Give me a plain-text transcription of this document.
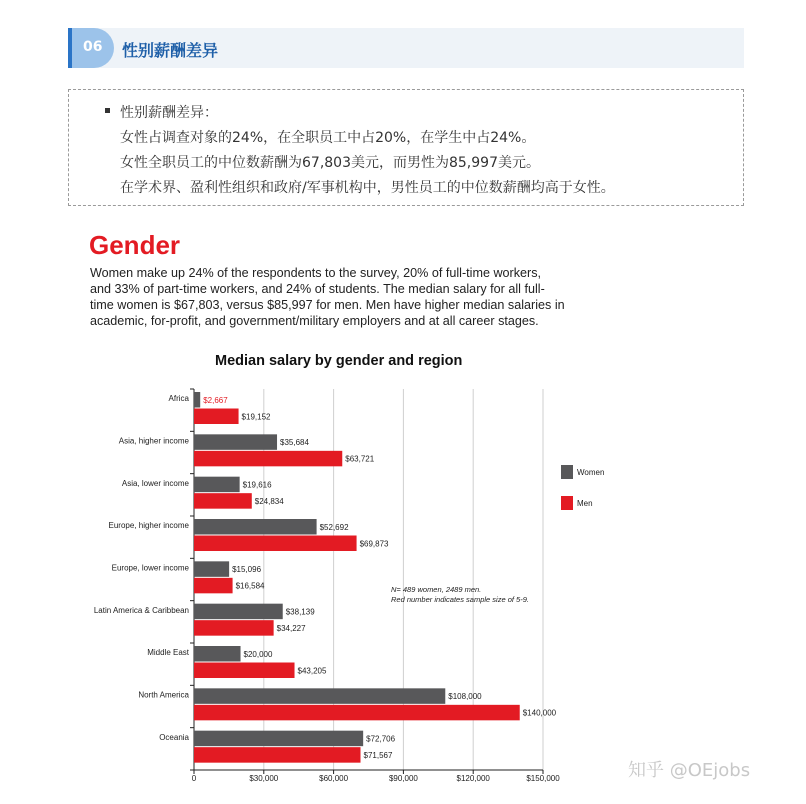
06 性别薪酬差异
性别薪酬差异：
女性占调查对象的24%，在全职员工中占20%，在学生中占24%。
女性全职员工的中位数薪酬为67,803美元，而男性为85,997美元。
在学术界、盈利性组织和政府/军事机构中，男性员工的中位数薪酬均高于女性。
Gender
Women make up 24% of the respondents to the survey, 20% of full-time workers,
and 33% of part-time workers, and 24% of students. The median salary for all full-
time women is $67,803, versus $85,997 for men. Men have higher median salaries in
academic, for-profit, and government/military employers and at all career stages.
Median salary by gender and region
0	$30,000	$60,000	$90,000	$120,000	$150,000
Africa $2,667
$19,152
Asia, higher income	$35,684
$63,721
Asia, lower income	$19,616
$24,834
Europe, higher income	$52,692
$69,873
Europe, lower income	$15,096
$16,584
Latin America & Caribbean	$38,139
$34,227
Middle East	$20,000
$43,205
North America	$108,000
$140,000
Oceania	$72,706
$71,567
Women
Men
N= 489 women, 2489 men.
Red number indicates sample size of 5-9.
知乎 @OEjobs
